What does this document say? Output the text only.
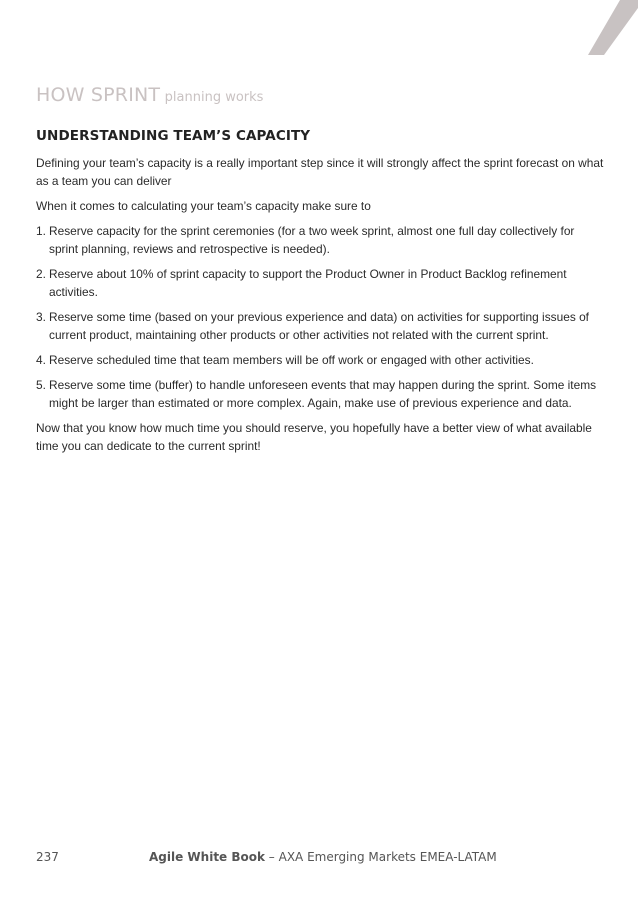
HOW SPRINT planning works
UNDERSTANDING TEAM’S CAPACITY

Defining your team’s capacity is a really important step since it will strongly affect the sprint forecast on what as a team you can deliver

When it comes to calculating your team’s capacity make sure to

1. Reserve capacity for the sprint ceremonies (for a two week sprint, almost one full day collectively for sprint planning, reviews and retrospective is needed).
2. Reserve about 10% of sprint capacity to support the Product Owner in Product Backlog refinement activities.
3. Reserve some time (based on your previous experience and data) on activities for supporting issues of current product, maintaining other products or other activities not related with the current sprint.
4. Reserve scheduled time that team members will be off work or engaged with other activities.
5. Reserve some time (buffer) to handle unforeseen events that may happen during the sprint. Some items might be larger than estimated or more complex. Again, make use of previous experience and data.

Now that you know how much time you should reserve, you hopefully have a better view of what available time you can dedicate to the current sprint!

237	Agile White Book – AXA Emerging Markets EMEA-LATAM
